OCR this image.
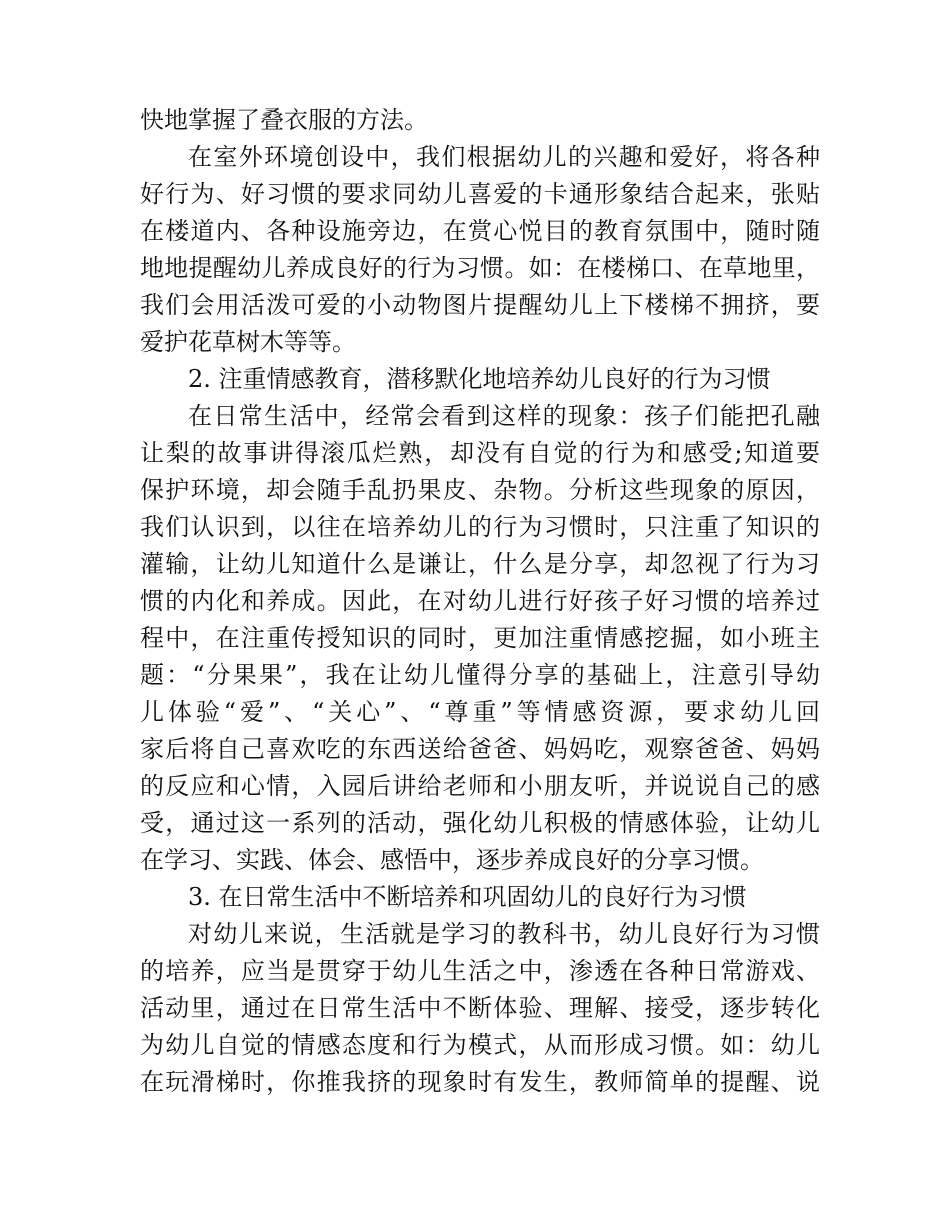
快地掌握了叠衣服的方法。
在室外环境创设中，我们根据幼儿的兴趣和爱好，将各种
好行为、好习惯的要求同幼儿喜爱的卡通形象结合起来，张贴
在楼道内、各种设施旁边，在赏心悦目的教育氛围中，随时随
地地提醒幼儿养成良好的行为习惯。如：在楼梯口、在草地里，
我们会用活泼可爱的小动物图片提醒幼儿上下楼梯不拥挤，要
爱护花草树木等等。
2. 注重情感教育，潜移默化地培养幼儿良好的行为习惯
在日常生活中，经常会看到这样的现象：孩子们能把孔融
让梨的故事讲得滚瓜烂熟，却没有自觉的行为和感受;知道要
保护环境，却会随手乱扔果皮、杂物。分析这些现象的原因，
我们认识到，以往在培养幼儿的行为习惯时，只注重了知识的
灌输，让幼儿知道什么是谦让，什么是分享，却忽视了行为习
惯的内化和养成。因此，在对幼儿进行好孩子好习惯的培养过
程中，在注重传授知识的同时，更加注重情感挖掘，如小班主
题：“分果果”，我在让幼儿懂得分享的基础上，注意引导幼
儿体验“爱”、“关心”、“尊重”等情感资源，要求幼儿回
家后将自己喜欢吃的东西送给爸爸、妈妈吃，观察爸爸、妈妈
的反应和心情，入园后讲给老师和小朋友听，并说说自己的感
受，通过这一系列的活动，强化幼儿积极的情感体验，让幼儿
在学习、实践、体会、感悟中，逐步养成良好的分享习惯。
3. 在日常生活中不断培养和巩固幼儿的良好行为习惯
对幼儿来说，生活就是学习的教科书，幼儿良好行为习惯
的培养，应当是贯穿于幼儿生活之中，渗透在各种日常游戏、
活动里，通过在日常生活中不断体验、理解、接受，逐步转化
为幼儿自觉的情感态度和行为模式，从而形成习惯。如：幼儿
在玩滑梯时，你推我挤的现象时有发生，教师简单的提醒、说
